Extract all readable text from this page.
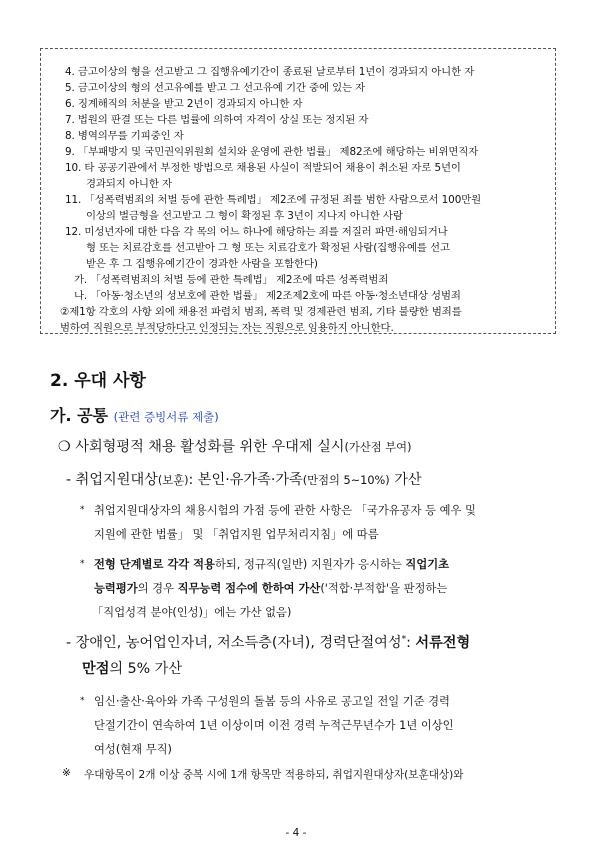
4. 금고이상의 형을 선고받고 그 집행유예기간이 종료된 날로부터 1년이 경과되지 아니한 자
5. 금고이상의 형의 선고유예를 받고 그 선고유예 기간 중에 있는 자
6. 징계해직의 처분을 받고 2년이 경과되지 아니한 자
7. 법원의 판결 또는 다른 법률에 의하여 자격이 상실 또는 정지된 자
8. 병역의무를 기피중인 자
9. 「부패방지 및 국민권익위원회 설치와 운영에 관한 법률」 제82조에 해당하는 비위면직자
10. 타 공공기관에서 부정한 방법으로 채용된 사실이 적발되어 채용이 취소된 자로 5년이
경과되지 아니한 자
11. 「성폭력범죄의 처벌 등에 관한 특례법」 제2조에 규정된 죄를 범한 사람으로서 100만원
이상의 벌금형을 선고받고 그 형이 확정된 후 3년이 지나지 아니한 사람
12. 미성년자에 대한 다음 각 목의 어느 하나에 해당하는 죄를 저질러 파면·해임되거나
형 또는 치료감호를 선고받아 그 형 또는 치료감호가 확정된 사람(집행유예를 선고
받은 후 그 집행유예기간이 경과한 사람을 포함한다)
가. 「성폭력범죄의 처벌 등에 관한 특례법」 제2조에 따른 성폭력범죄
나. 「아동·청소년의 성보호에 관한 법률」 제2조제2호에 따른 아동·청소년대상 성범죄
②제1항 각호의 사항 외에 채용전 파렴치 범죄, 폭력 및 경제관련 범죄, 기타 불량한 범죄를
범하여 직원으로 부적당하다고 인정되는 자는 직원으로 임용하지 아니한다.
2. 우대 사항
가. 공통 (관련 증빙서류 제출)
❍ 사회형평적 채용 활성화를 위한 우대제 실시(가산점 부여)
- 취업지원대상(보훈): 본인·유가족·가족(만점의 5~10%) 가산
* 취업지원대상자의 채용시험의 가점 등에 관한 사항은 「국가유공자 등 예우 및
지원에 관한 법률」 및 「취업지원 업무처리지침」에 따름
* 전형 단계별로 각각 적용하되, 정규직(일반) 지원자가 응시하는 직업기초
능력평가의 경우 직무능력 점수에 한하여 가산('적합·부적합'을 판정하는
「직업성격 분야(인성)」에는 가산 없음)
- 장애인, 농어업인자녀, 저소득층(자녀), 경력단절여성*: 서류전형
만점의 5% 가산
* 임신·출산·육아와 가족 구성원의 돌봄 등의 사유로 공고일 전일 기준 경력
단절기간이 연속하여 1년 이상이며 이전 경력 누적근무년수가 1년 이상인
여성(현재 무직)
※ 우대항목이 2개 이상 중복 시에 1개 항목만 적용하되, 취업지원대상자(보훈대상)와
- 4 -
